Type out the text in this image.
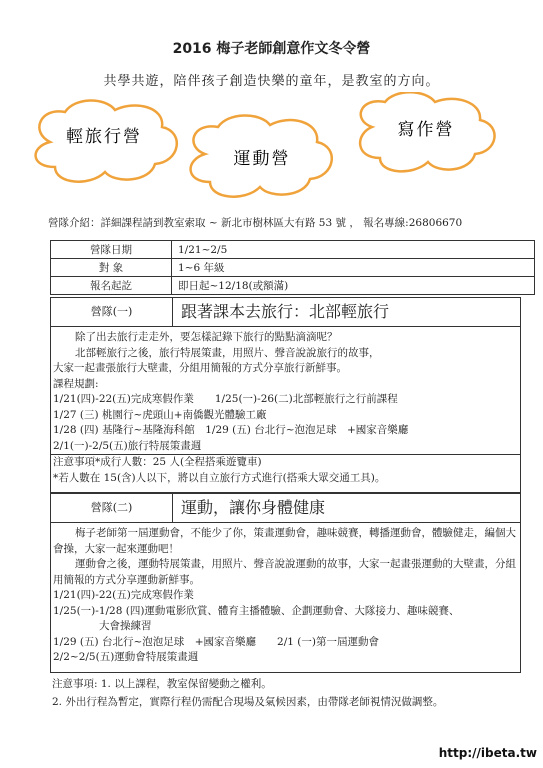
2016 梅子老師創意作文冬令營
共學共遊，陪伴孩子創造快樂的童年，是教室的方向。
輕旅行營
運動營
寫作營
營隊介紹：詳細課程請到教室索取 ~ 新北市樹林區大有路 53 號 ， 報名專線:26806670
營隊日期	1/21~2/5
對 象	1~6 年級
報名起訖	即日起~12/18(或額滿)
營隊(一)	跟著課本去旅行：北部輕旅行
除了出去旅行走走外，要怎樣記錄下旅行的點點滴滴呢？
北部輕旅行之後，旅行特展策畫，用照片、聲音說說旅行的故事，
大家一起畫張旅行大壁畫，分組用簡報的方式分享旅行新鮮事。
課程規劃:
1/21(四)-22(五)完成寒假作業　　1/25(一)-26(二)北部輕旅行之行前課程
1/27 (三) 桃園行~虎頭山+南僑觀光體驗工廠
1/28 (四) 基隆行~基隆海科館　1/29 (五) 台北行~泡泡足球　+國家音樂廳
2/1(一)-2/5(五)旅行特展策畫週
注意事項*成行人數：25 人(全程搭乘遊覽車)
*若人數在 15(含)人以下，將以自立旅行方式進行(搭乘大眾交通工具)。
營隊(二)	運動，讓你身體健康
梅子老師第一屆運動會，不能少了你，策畫運動會，趣味競賽，轉播運動會，體驗健走，編個大會操，大家一起來運動吧！
運動會之後，運動特展策畫，用照片、聲音說說運動的故事，大家一起畫張運動的大壁畫，分組用簡報的方式分享運動新鮮事。
1/21(四)-22(五)完成寒假作業
1/25(一)-1/28 (四)運動電影欣賞、體育主播體驗、企劃運動會、大隊接力、趣味競賽、
大會操練習
1/29 (五) 台北行~泡泡足球　+國家音樂廳　　2/1 (一)第一屆運動會
2/2~2/5(五)運動會特展策畫週
注意事項: 1. 以上課程，教室保留變動之權利。
2. 外出行程為暫定，實際行程仍需配合現場及氣候因素，由帶隊老師視情況做調整。
http://ibeta.tw
